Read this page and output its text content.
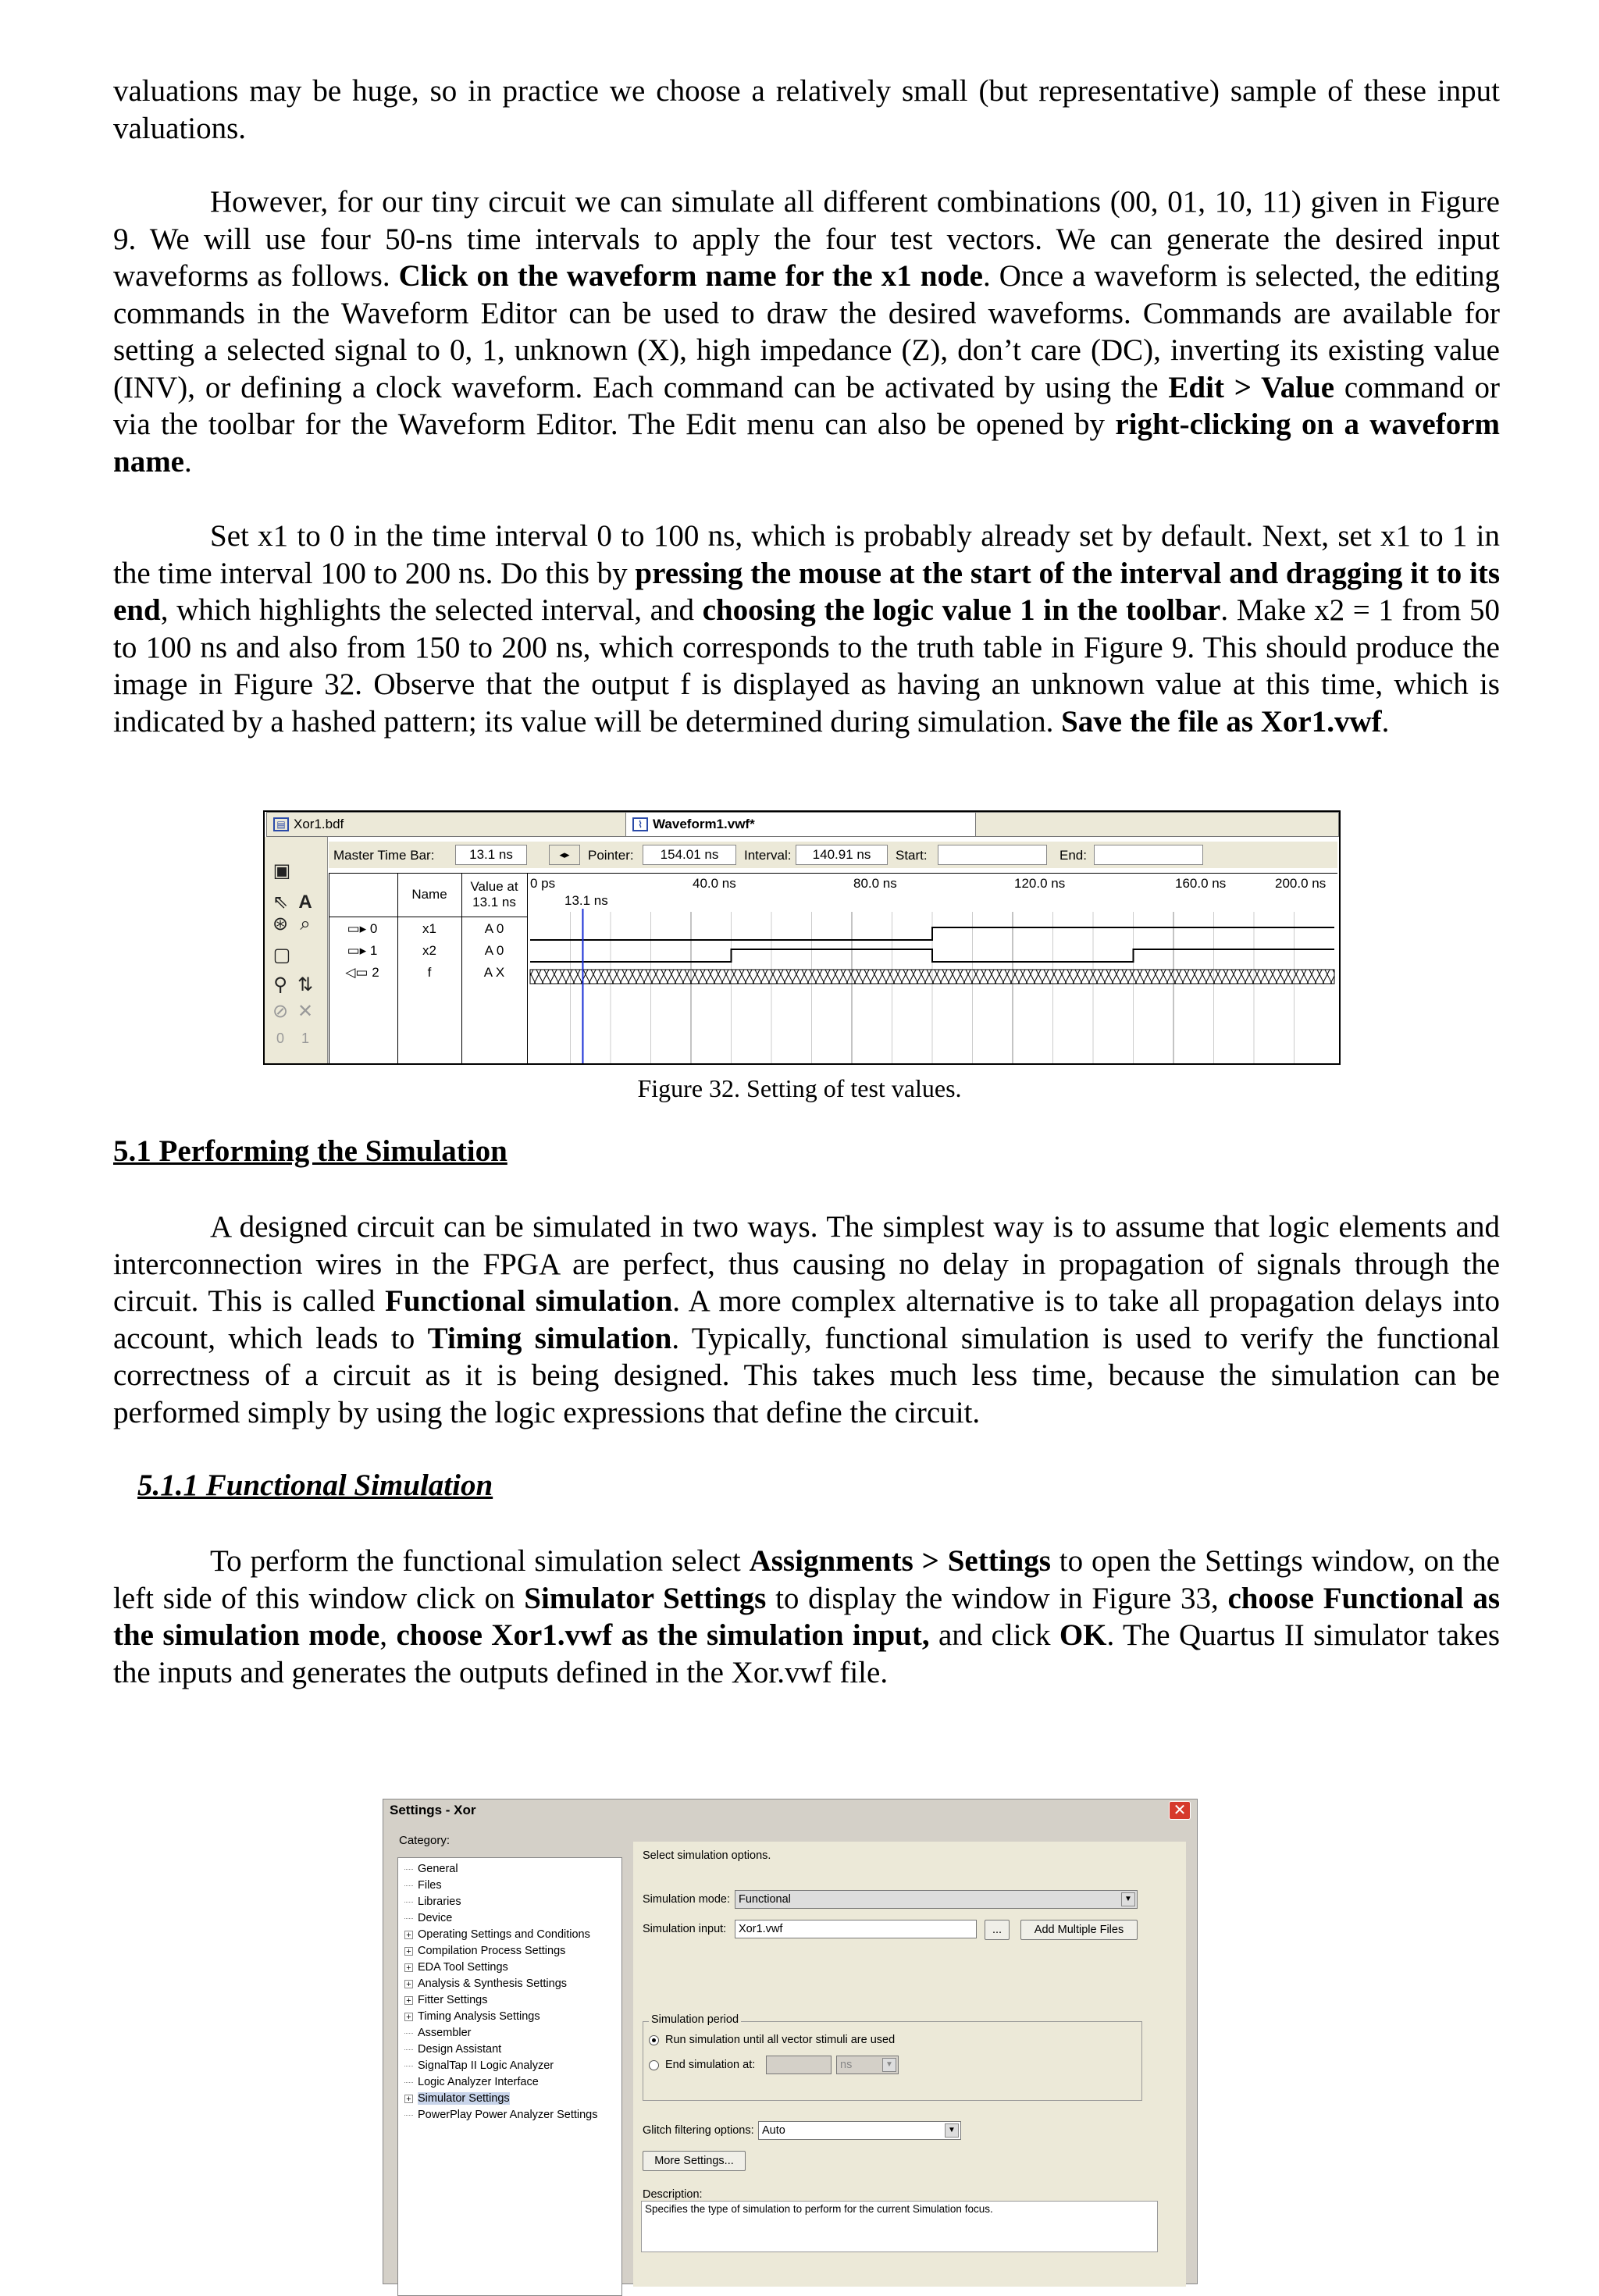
valuations may be huge, so in practice we choose a relatively small (but representative) sample of these input valuations.

However, for our tiny circuit we can simulate all different combinations (00, 01, 10, 11) given in Figure 9. We will use four 50-ns time intervals to apply the four test vectors. We can generate the desired input waveforms as follows. Click on the waveform name for the x1 node. Once a waveform is selected, the editing commands in the Waveform Editor can be used to draw the desired waveforms. Commands are available for setting a selected signal to 0, 1, unknown (X), high impedance (Z), don’t care (DC), inverting its existing value (INV), or defining a clock waveform. Each command can be activated by using the Edit > Value command or via the toolbar for the Waveform Editor. The Edit menu can also be opened by right-clicking on a waveform name.

Set x1 to 0 in the time interval 0 to 100 ns, which is probably already set by default. Next, set x1 to 1 in the time interval 100 to 200 ns. Do this by pressing the mouse at the start of the interval and dragging it to its end, which highlights the selected interval, and choosing the logic value 1 in the toolbar. Make x2 = 1 from 50 to 100 ns and also from 150 to 200 ns, which corresponds to the truth table in Figure 9. This should produce the image in Figure 32. Observe that the output f is displayed as having an unknown value at this time, which is indicated by a hashed pattern; its value will be determined during simulation. Save the file as Xor1.vwf.

▤ Xor1.bdf	⌇ Waveform1.vwf*
▣
⇖ A
⊛ ⌕
▢
⚲ ⇅
⊘ ✕
0	1
Master Time Bar:	13.1 ns	◂▸	Pointer:	154.01 ns	Interval:	140.91 ns	Start:	End:
Name
Value at 13.1 ns
▭▸ 0	x1	A 0
▭▸ 1	x2	A 0
◁▭ 2	f	A X
0 ps	40.0 ns	80.0 ns	120.0 ns	160.0 ns	200.0 ns
13.1 ns
Figure 32. Setting of test values.
5.1 Performing the Simulation

A designed circuit can be simulated in two ways. The simplest way is to assume that logic elements and interconnection wires in the FPGA are perfect, thus causing no delay in propagation of signals through the circuit. This is called Functional simulation. A more complex alternative is to take all propagation delays into account, which leads to Timing simulation. Typically, functional simulation is used to verify the functional correctness of a circuit as it is being designed. This takes much less time, because the simulation can be performed simply by using the logic expressions that define the circuit.

5.1.1 Functional Simulation

To perform the functional simulation select Assignments > Settings to open the Settings window, on the left side of this window click on Simulator Settings to display the window in Figure 33, choose Functional as the simulation mode, choose Xor1.vwf as the simulation input, and click OK. The Quartus II simulator takes the inputs and generates the outputs defined in the Xor.vwf file.

Settings - Xor	✕
Category:
General
Files
Libraries
Device
+ Operating Settings and Conditions
+ Compilation Process Settings
+ EDA Tool Settings
+ Analysis & Synthesis Settings
+ Fitter Settings
+ Timing Analysis Settings
Assembler
Design Assistant
SignalTap II Logic Analyzer
Logic Analyzer Interface
+ Simulator Settings
PowerPlay Power Analyzer Settings
Select simulation options.
Simulation mode: Functional	▼
Simulation input:	Xor1.vwf	...	Add Multiple Files
Simulation period
Run simulation until all vector stimuli are used
End simulation at:	ns	▼
Glitch filtering options: Auto	▼
More Settings...
Description:
Specifies the type of simulation to perform for the current Simulation focus.
